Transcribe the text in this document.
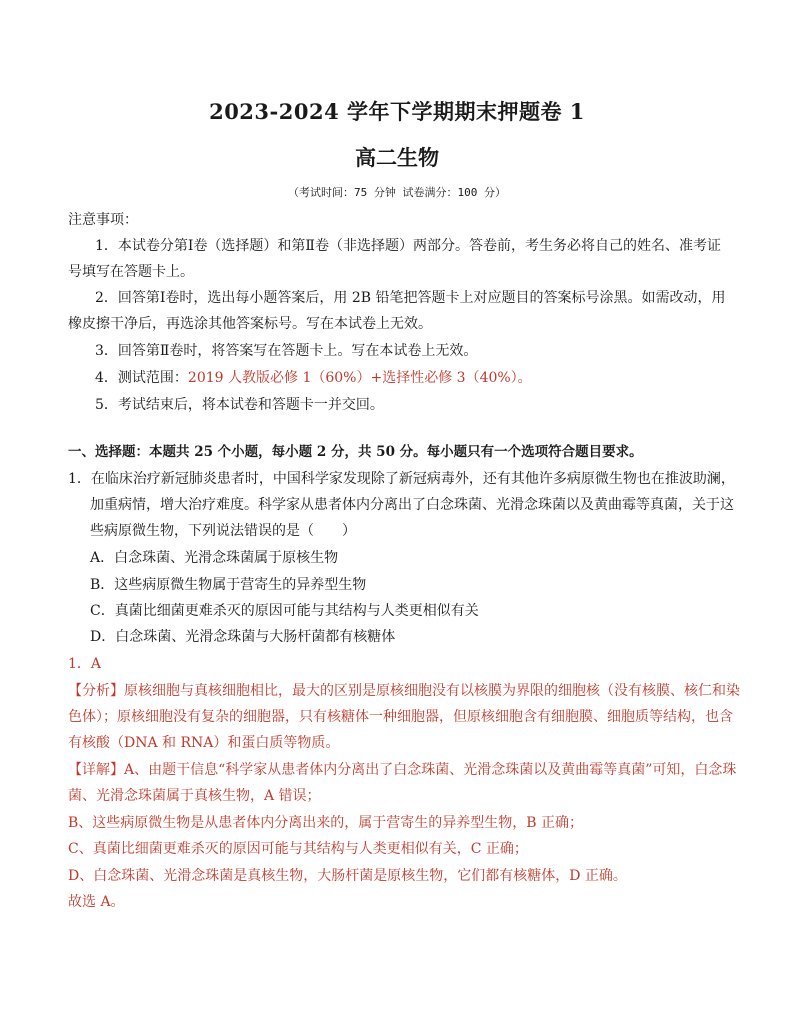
2023-2024 学年下学期期末押题卷 1
高二生物
（考试时间：75 分钟 试卷满分：100 分）
注意事项：
1．本试卷分第Ⅰ卷（选择题）和第Ⅱ卷（非选择题）两部分。答卷前，考生务必将自己的姓名、准考证
号填写在答题卡上。
2．回答第Ⅰ卷时，选出每小题答案后，用 2B 铅笔把答题卡上对应题目的答案标号涂黑。如需改动，用
橡皮擦干净后，再选涂其他答案标号。写在本试卷上无效。
3．回答第Ⅱ卷时，将答案写在答题卡上。写在本试卷上无效。
4．测试范围：2019 人教版必修 1（60%）+选择性必修 3（40%）。
5．考试结束后，将本试卷和答题卡一并交回。
一、选择题：本题共 25 个小题，每小题 2 分，共 50 分。每小题只有一个选项符合题目要求。
1．在临床治疗新冠肺炎患者时，中国科学家发现除了新冠病毒外，还有其他许多病原微生物也在推波助澜，
加重病情，增大治疗难度。科学家从患者体内分离出了白念珠菌、光滑念珠菌以及黄曲霉等真菌，关于这
些病原微生物，下列说法错误的是（　　）
A．白念珠菌、光滑念珠菌属于原核生物
B．这些病原微生物属于营寄生的异养型生物
C．真菌比细菌更难杀灭的原因可能与其结构与人类更相似有关
D．白念珠菌、光滑念珠菌与大肠杆菌都有核糖体
1．A
【分析】原核细胞与真核细胞相比，最大的区别是原核细胞没有以核膜为界限的细胞核（没有核膜、核仁和染
色体）；原核细胞没有复杂的细胞器，只有核糖体一种细胞器，但原核细胞含有细胞膜、细胞质等结构，也含
有核酸（DNA 和 RNA）和蛋白质等物质。
【详解】A、由题干信息“科学家从患者体内分离出了白念珠菌、光滑念珠菌以及黄曲霉等真菌”可知，白念珠
菌、光滑念珠菌属于真核生物，A 错误；
B、这些病原微生物是从患者体内分离出来的，属于营寄生的异养型生物，B 正确；
C、真菌比细菌更难杀灭的原因可能与其结构与人类更相似有关，C 正确；
D、白念珠菌、光滑念珠菌是真核生物，大肠杆菌是原核生物，它们都有核糖体，D 正确。
故选 A。
